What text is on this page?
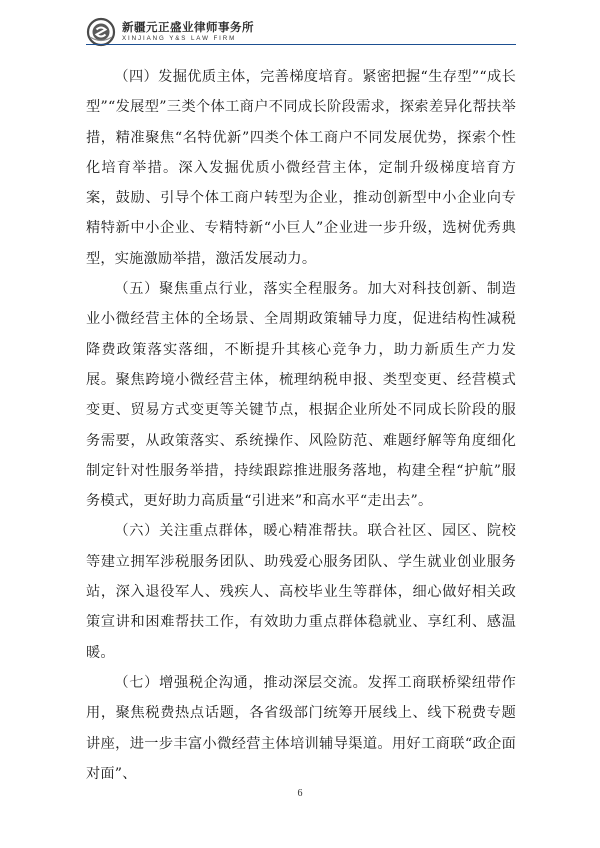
新疆元正盛业律师事务所
XINJIANG Y&S LAW FIRM

（四）发掘优质主体，完善梯度培育。紧密把握“生存型”“成长型”“发展型”三类个体工商户不同成长阶段需求，探索差异化帮扶举措，精准聚焦“名特优新”四类个体工商户不同发展优势，探索个性化培育举措。深入发掘优质小微经营主体，定制升级梯度培育方案，鼓励、引导个体工商户转型为企业，推动创新型中小企业向专精特新中小企业、专精特新“小巨人”企业进一步升级，选树优秀典型，实施激励举措，激活发展动力。

（五）聚焦重点行业，落实全程服务。加大对科技创新、制造业小微经营主体的全场景、全周期政策辅导力度，促进结构性减税降费政策落实落细，不断提升其核心竞争力，助力新质生产力发展。聚焦跨境小微经营主体，梳理纳税申报、类型变更、经营模式变更、贸易方式变更等关键节点，根据企业所处不同成长阶段的服务需要，从政策落实、系统操作、风险防范、难题纾解等角度细化制定针对性服务举措，持续跟踪推进服务落地，构建全程“护航”服务模式，更好助力高质量“引进来”和高水平“走出去”。

（六）关注重点群体，暖心精准帮扶。联合社区、园区、院校等建立拥军涉税服务团队、助残爱心服务团队、学生就业创业服务站，深入退役军人、残疾人、高校毕业生等群体，细心做好相关政策宣讲和困难帮扶工作，有效助力重点群体稳就业、享红利、感温暖。

（七）增强税企沟通，推动深层交流。发挥工商联桥梁纽带作用，聚焦税费热点话题，各省级部门统筹开展线上、线下税费专题讲座，进一步丰富小微经营主体培训辅导渠道。用好工商联“政企面对面”、

6
